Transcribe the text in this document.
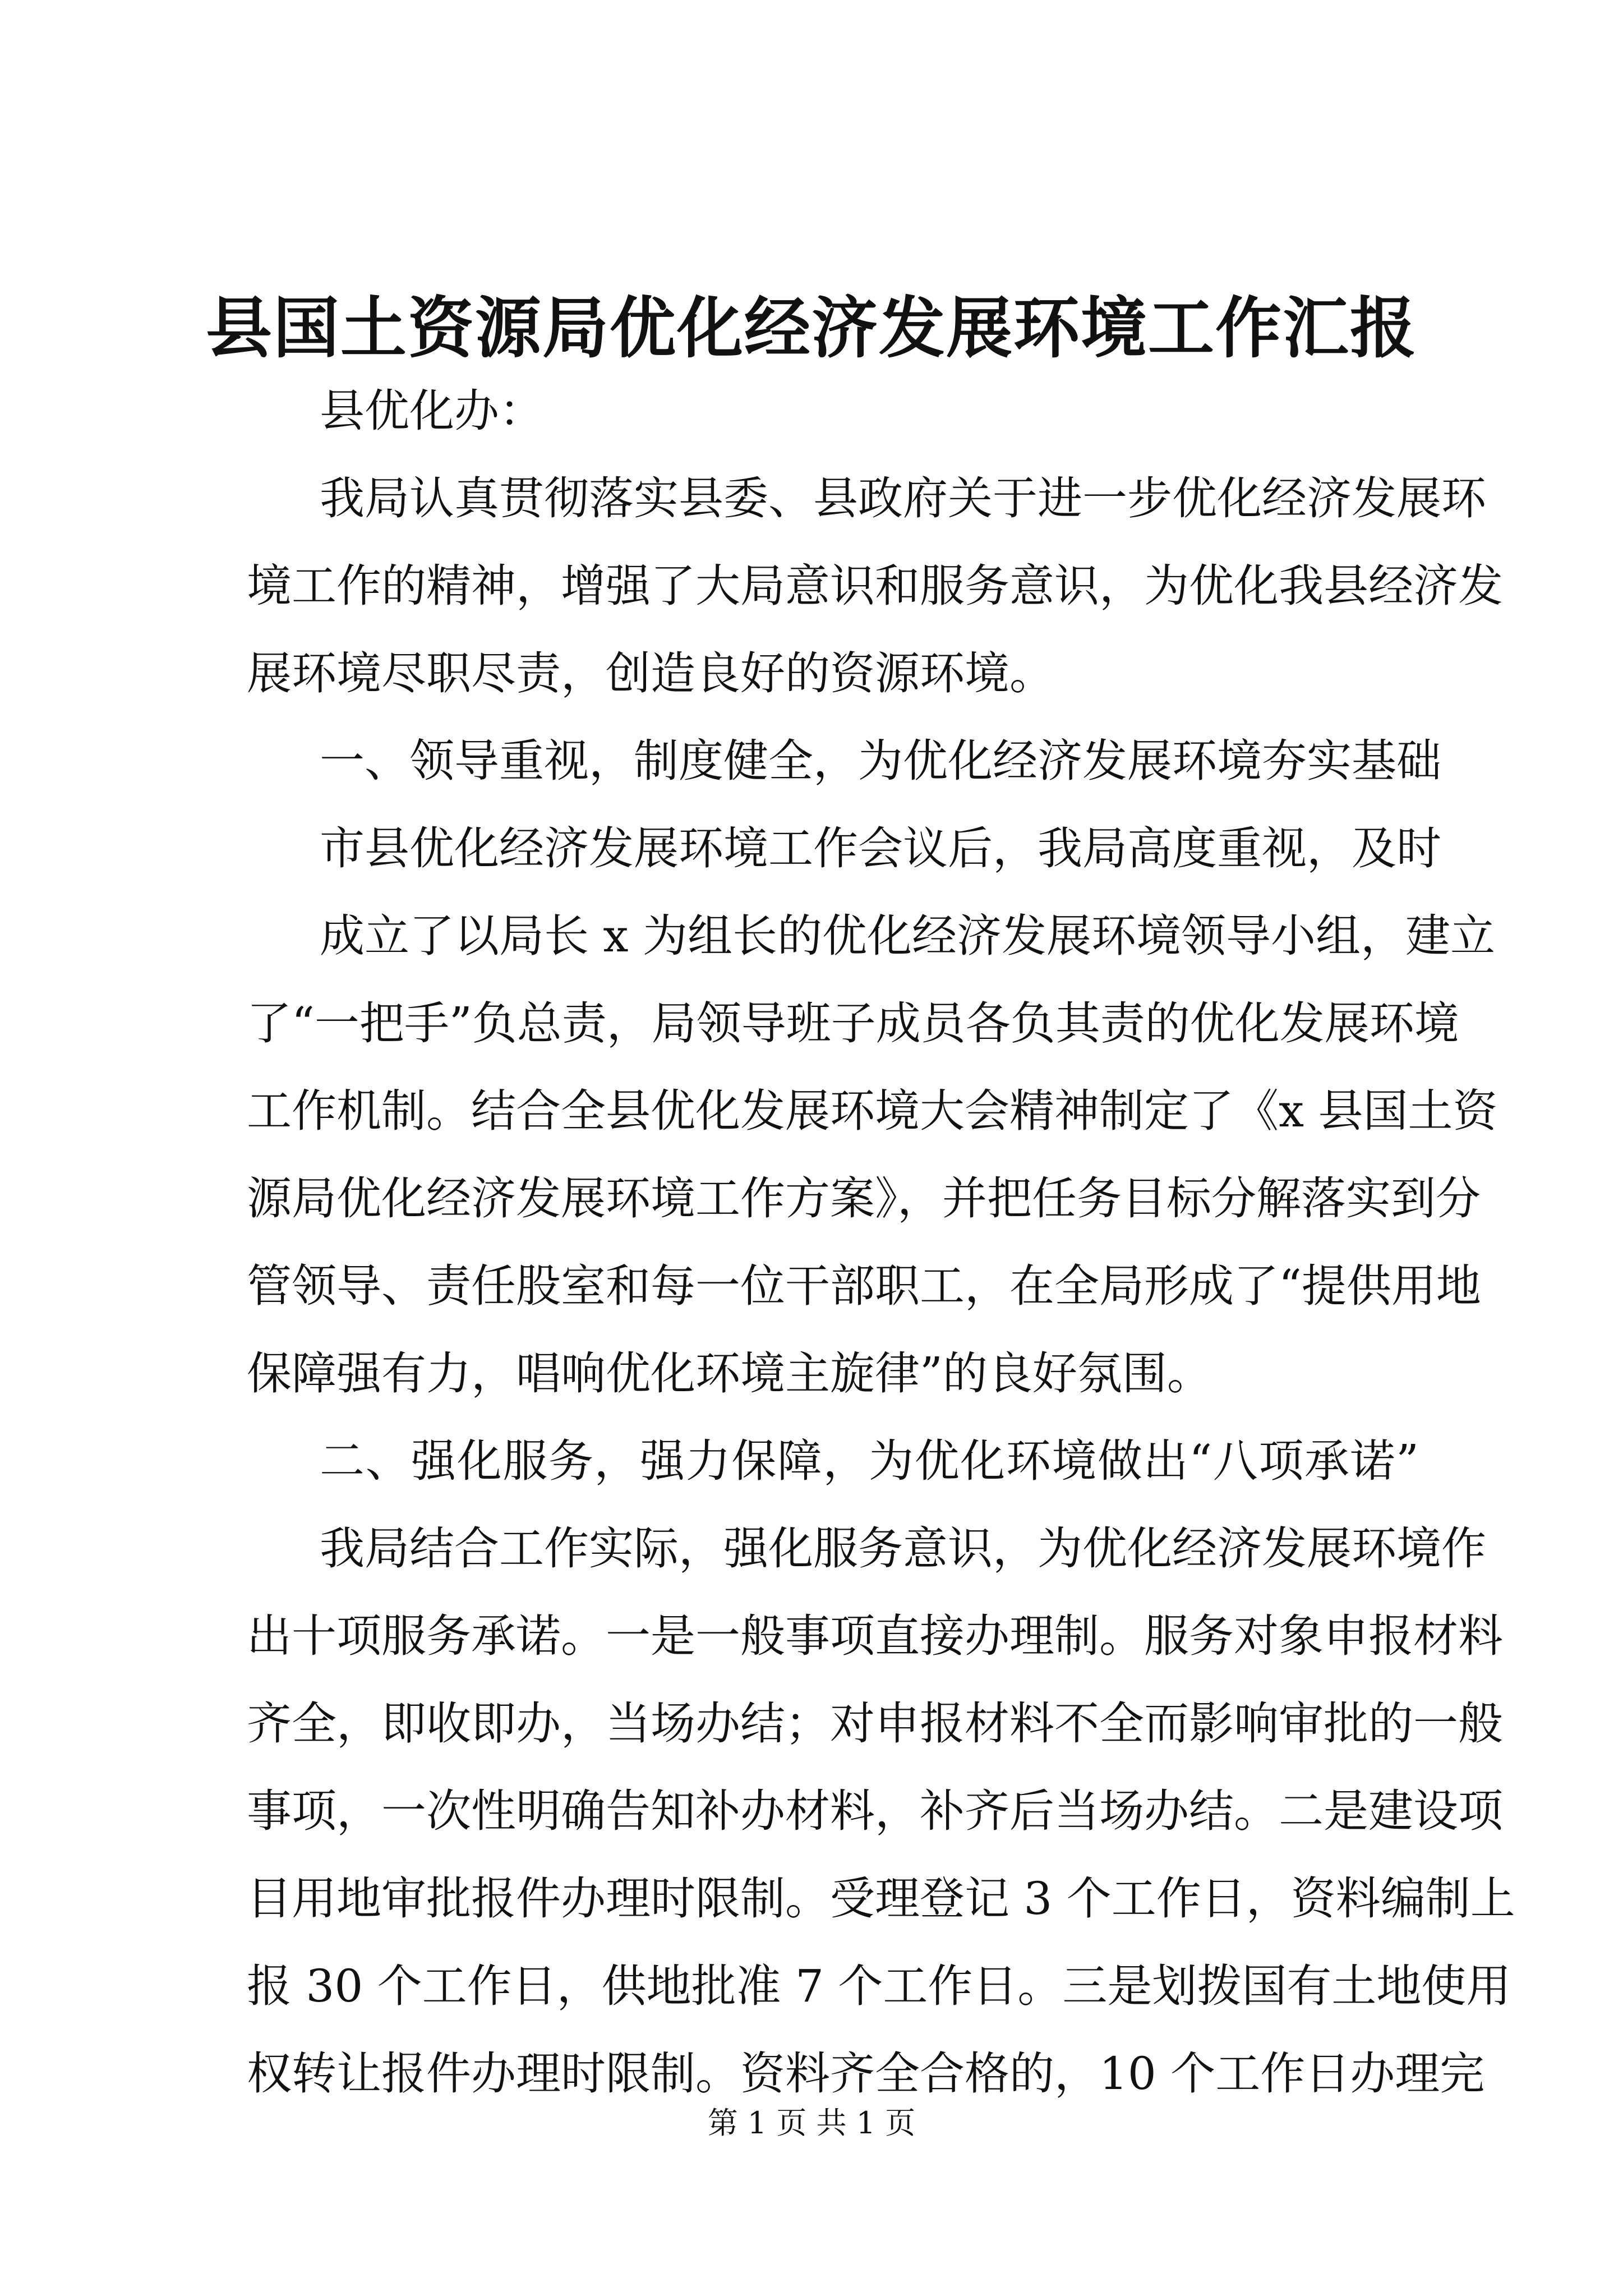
县国土资源局优化经济发展环境工作汇报
县优化办：
我局认真贯彻落实县委、县政府关于进一步优化经济发展环
境工作的精神，增强了大局意识和服务意识，为优化我县经济发
展环境尽职尽责，创造良好的资源环境。
一、领导重视，制度健全，为优化经济发展环境夯实基础
市县优化经济发展环境工作会议后，我局高度重视，及时
成立了以局长 x 为组长的优化经济发展环境领导小组，建立
了“一把手”负总责，局领导班子成员各负其责的优化发展环境
工作机制。结合全县优化发展环境大会精神制定了《x 县国土资
源局优化经济发展环境工作方案》，并把任务目标分解落实到分
管领导、责任股室和每一位干部职工，在全局形成了“提供用地
保障强有力，唱响优化环境主旋律”的良好氛围。
二、强化服务，强力保障，为优化环境做出“八项承诺”
我局结合工作实际，强化服务意识，为优化经济发展环境作
出十项服务承诺。一是一般事项直接办理制。服务对象申报材料
齐全，即收即办，当场办结；对申报材料不全而影响审批的一般
事项，一次性明确告知补办材料，补齐后当场办结。二是建设项
目用地审批报件办理时限制。受理登记 3 个工作日，资料编制上
报 30 个工作日，供地批准 7 个工作日。三是划拨国有土地使用
权转让报件办理时限制。资料齐全合格的，10 个工作日办理完
第 1 页 共 1 页
